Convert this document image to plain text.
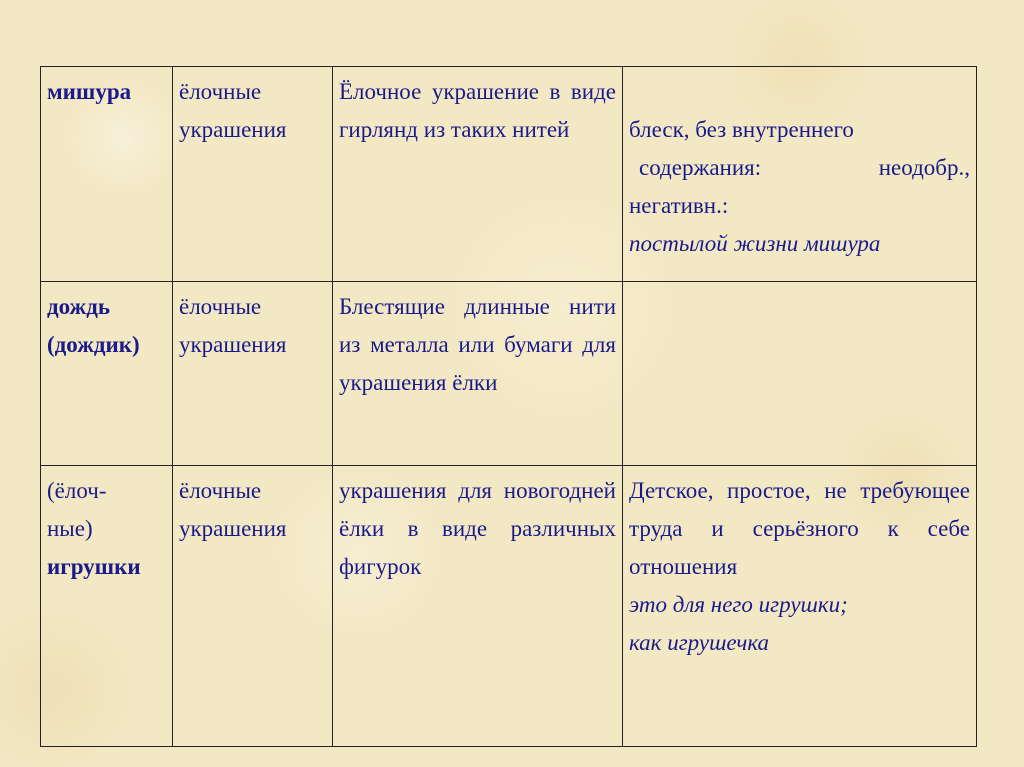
мишура	ёлочные украшения	Ёлочное украшение в виде гирлянд из таких нитей	блеск, без внутреннего
содержания: неодобр.,
негативн.:
постылой жизни мишура

дождь
(дождик)	ёлочные украшения	Блестящие длинные нити из металла или бумаги для украшения ёлки	

(ёлоч-
ные)
игрушки	ёлочные украшения	украшения для новогодней ёлки в виде различных фигурок	Детское, простое, не требующее труда и серьёзного к себе отношения
это для него игрушки;
как игрушечка
